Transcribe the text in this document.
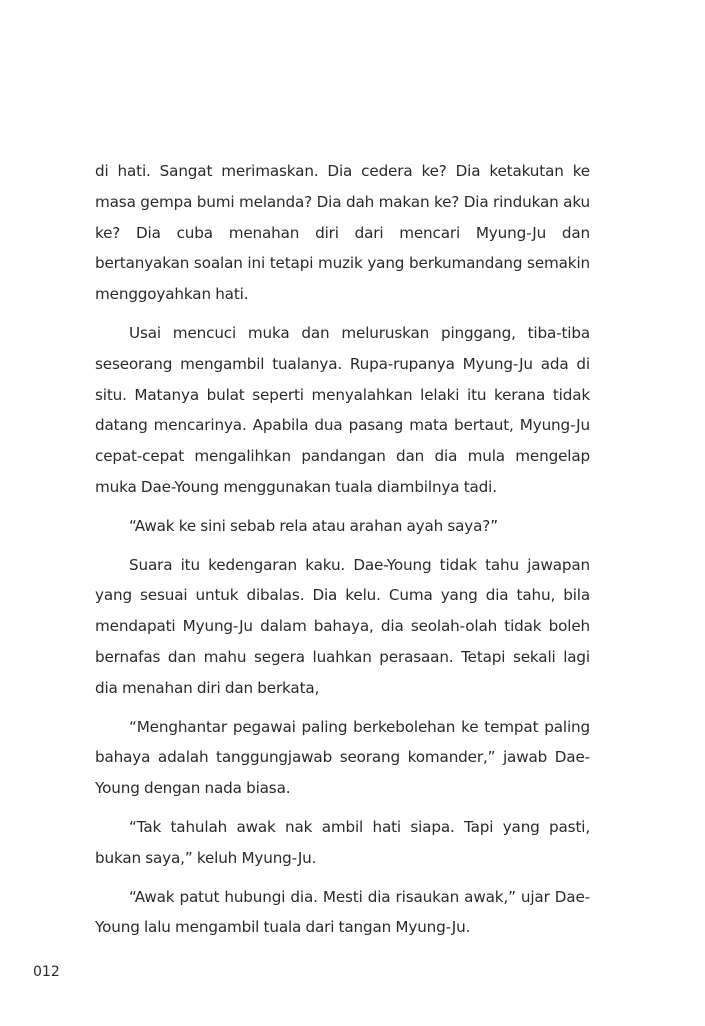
di hati. Sangat merimaskan. Dia cedera ke? Dia ketakutan ke masa gempa bumi melanda? Dia dah makan ke? Dia rindukan aku ke? Dia cuba menahan diri dari mencari Myung-Ju dan bertanyakan soalan ini tetapi muzik yang berkumandang semakin menggoyahkan hati.

Usai mencuci muka dan meluruskan pinggang, tiba-tiba seseorang mengambil tualanya. Rupa-rupanya Myung-Ju ada di situ. Matanya bulat seperti menyalahkan lelaki itu kerana tidak datang mencarinya. Apabila dua pasang mata bertaut, Myung-Ju cepat-cepat mengalihkan pandangan dan dia mula mengelap muka Dae-Young menggunakan tuala diambilnya tadi.

“Awak ke sini sebab rela atau arahan ayah saya?”

Suara itu kedengaran kaku. Dae-Young tidak tahu jawapan yang sesuai untuk dibalas. Dia kelu. Cuma yang dia tahu, bila mendapati Myung-Ju dalam bahaya, dia seolah-olah tidak boleh bernafas dan mahu segera luahkan perasaan. Tetapi sekali lagi dia menahan diri dan berkata,

“Menghantar pegawai paling berkebolehan ke tempat paling bahaya adalah tanggungjawab seorang komander,” jawab Dae-Young dengan nada biasa.

“Tak tahulah awak nak ambil hati siapa. Tapi yang pasti, bukan saya,” keluh Myung-Ju.

“Awak patut hubungi dia. Mesti dia risaukan awak,” ujar Dae-Young lalu mengambil tuala dari tangan Myung-Ju.

012
